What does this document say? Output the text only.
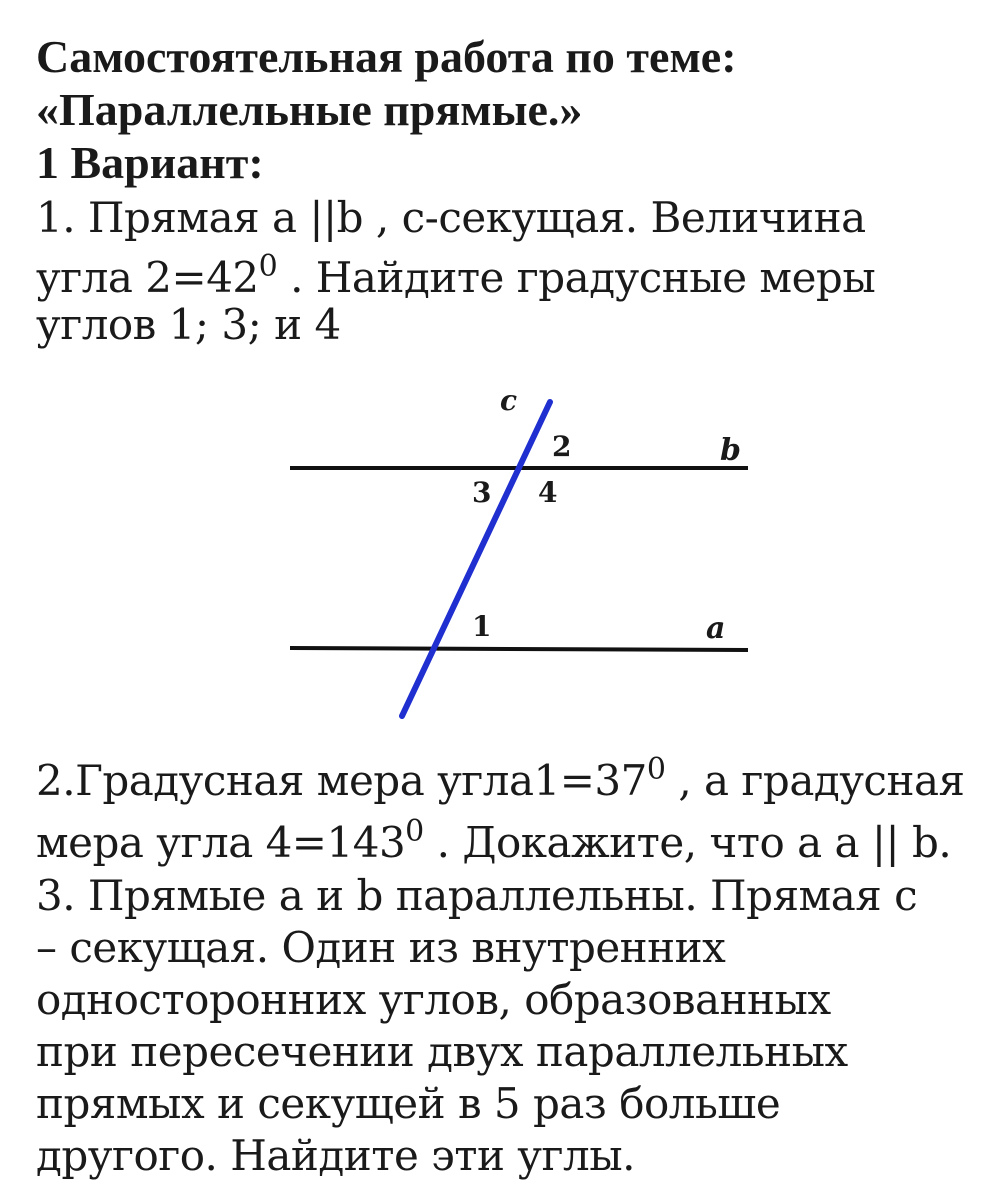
Самостоятельная работа по теме:
«Параллельные прямые.»
1 Вариант:
1. Прямая a ||b , c-секущая. Величина
угла $2=42^0$ . Найдите градусные меры
углов 1; 3; и 4
c
b
a
2
3 4
1
2.Градусная мера $угла1=37^0$ , а градусная
мера угла $4=143^0$ . Докажите, что а a || b.
3. Прямые a и b параллельны. Прямая c
– секущая. Один из внутренних
односторонних углов, образованных
при пересечении двух параллельных
прямых и секущей в 5 раз больше
другого. Найдите эти углы.
